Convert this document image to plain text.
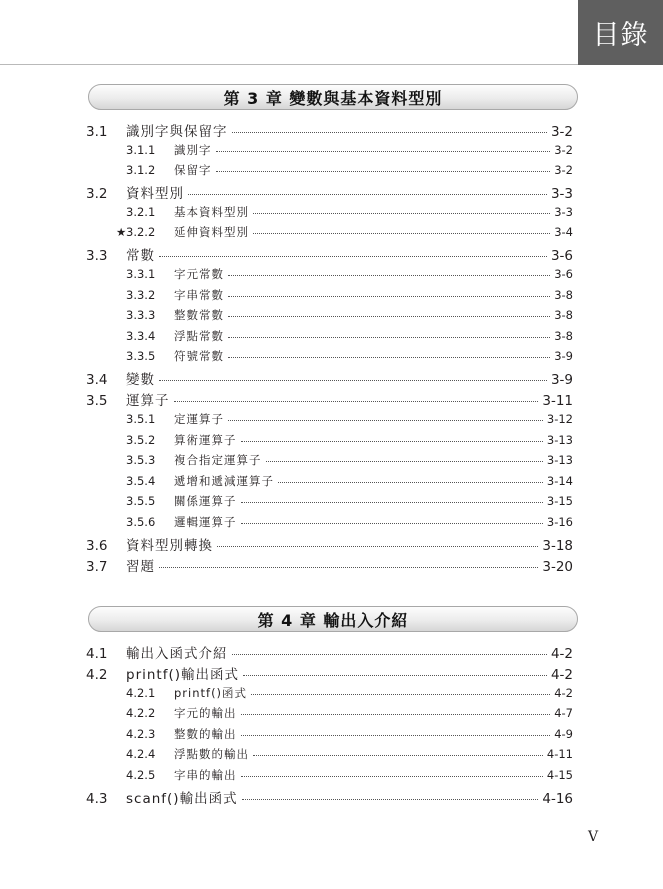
目錄
第 3 章 變數與基本資料型別
3.1	識別字與保留字	3-2
3.1.1	識別字	3-2
3.1.2	保留字	3-2
3.2	資料型別	3-3
3.2.1	基本資料型別	3-3
★ 3.2.2	延伸資料型別	3-4
3.3	常數	3-6
3.3.1	字元常數	3-6
3.3.2	字串常數	3-8
3.3.3	整數常數	3-8
3.3.4	浮點常數	3-8
3.3.5	符號常數	3-9
3.4	變數	3-9
3.5	運算子	3-11
3.5.1	定運算子	3-12
3.5.2	算術運算子	3-13
3.5.3	複合指定運算子	3-13
3.5.4	遞增和遞減運算子	3-14
3.5.5	關係運算子	3-15
3.5.6	邏輯運算子	3-16
3.6	資料型別轉換	3-18
3.7	習題	3-20
第 4 章 輸出入介紹
4.1	輸出入函式介紹	4-2
4.2	printf()輸出函式	4-2
4.2.1	printf()函式	4-2
4.2.2	字元的輸出	4-7
4.2.3	整數的輸出	4-9
4.2.4	浮點數的輸出	4-11
4.2.5	字串的輸出	4-15
4.3	scanf()輸出函式	4-16
V
